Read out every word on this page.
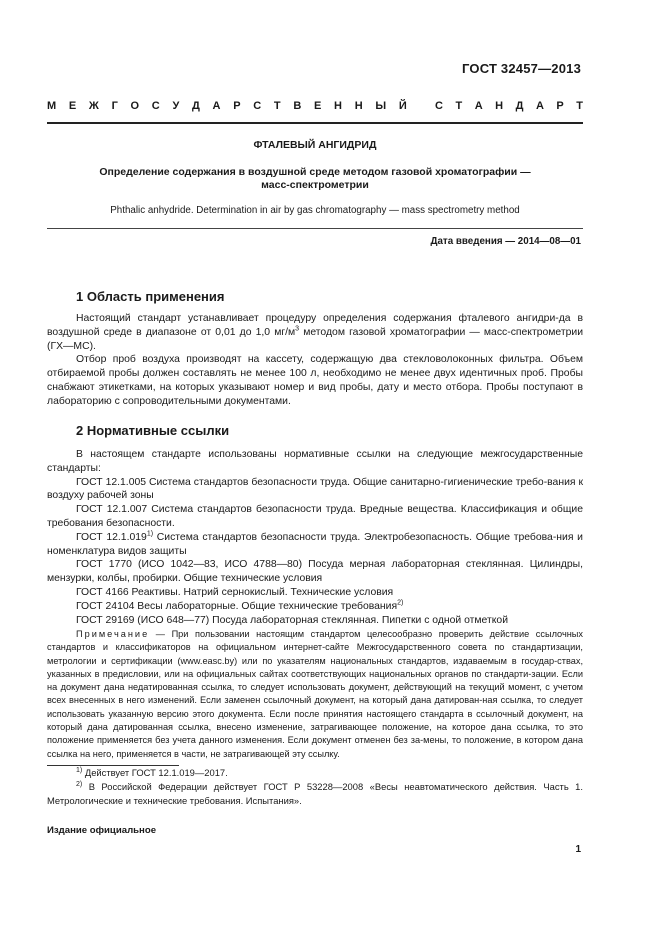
ГОСТ 32457—2013
М Е Ж Г О С У Д А Р С Т В Е Н Н Ы Й	С Т А Н Д А Р Т
ФТАЛЕВЫЙ АНГИДРИД
Определение содержания в воздушной среде методом газовой хроматографии —
масс-спектрометрии
Phthalic anhydride. Determination in air by gas chromatography — mass spectrometry method
Дата введения — 2014—08—01
1 Область применения

Настоящий стандарт устанавливает процедуру определения содержания фталевого ангидри-да в воздушной среде в диапазоне от 0,01 до 1,0 $мг/м^3$ методом газовой хроматографии — масс-спектрометрии (ГХ—МС).

Отбор проб воздуха производят на кассету, содержащую два стекловолоконных фильтра. Объем отбираемой пробы должен составлять не менее 100 л, необходимо не менее двух идентичных проб. Пробы снабжают этикетками, на которых указывают номер и вид пробы, дату и место отбора. Пробы поступают в лабораторию с сопроводительными документами.

2 Нормативные ссылки

В настоящем стандарте использованы нормативные ссылки на следующие межгосударственные стандарты:

ГОСТ 12.1.005 Система стандартов безопасности труда. Общие санитарно-гигиенические требо-вания к воздуху рабочей зоны

ГОСТ 12.1.007 Система стандартов безопасности труда. Вредные вещества. Классификация и общие требования безопасности.

ГОСТ 12.1.019$^{1)}$ Система стандартов безопасности труда. Электробезопасность. Общие требова-ния и номенклатура видов защиты

ГОСТ 1770 (ИСО 1042—83, ИСО 4788—80) Посуда мерная лабораторная стеклянная. Цилиндры, мензурки, колбы, пробирки. Общие технические условия

ГОСТ 4166 Реактивы. Натрий сернокислый. Технические условия

ГОСТ 24104 Весы лабораторные. Общие технические требования$^{2)}$

ГОСТ 29169 (ИСО 648—77) Посуда лабораторная стеклянная. Пипетки с одной отметкой

Примечание — При пользовании настоящим стандартом целесообразно проверить действие ссылочных стандартов и классификаторов на официальном интернет-сайте Межгосударственного совета по стандартизации, метрологии и сертификации (www.easc.by) или по указателям национальных стандартов, издаваемым в государ-ствах, указанных в предисловии, или на официальных сайтах соответствующих национальных органов по стандарти-зации. Если на документ дана недатированная ссылка, то следует использовать документ, действующий на текущий момент, с учетом всех внесенных в него изменений. Если заменен ссылочный документ, на который дана датирован-ная ссылка, то следует использовать указанную версию этого документа. Если после принятия настоящего стандарта в ссылочный документ, на который дана датированная ссылка, внесено изменение, затрагивающее положение, на которое дана ссылка, то это положение применяется без учета данного изменения. Если документ отменен без за-мены, то положение, в котором дана ссылка на него, применяется в части, не затрагивающей эту ссылку.

$^{1)}$ Действует ГОСТ 12.1.019—2017.

$^{2)}$ В Российской Федерации действует ГОСТ Р 53228—2008 «Весы неавтоматического действия. Часть 1. Метрологические и технические требования. Испытания».

Издание официальное
1
